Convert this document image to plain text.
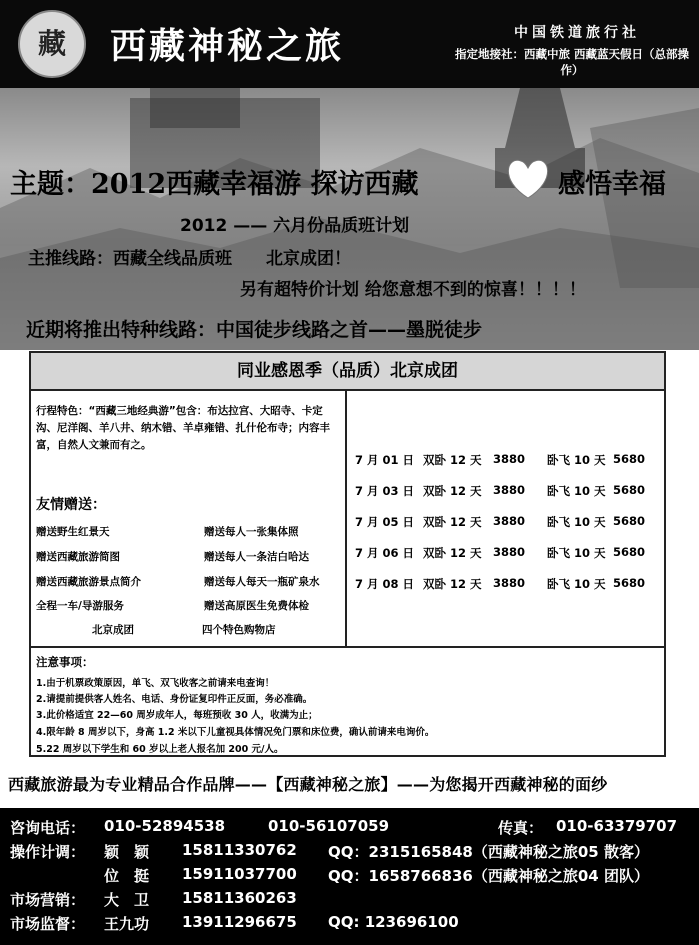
藏	西藏神秘之旅	中国铁道旅行社
指定地接社：西藏中旅 西藏蓝天假日（总部操作）
主题：2012西藏幸福游 探访西藏	感悟幸福
2012 —— 六月份品质班计划
主推线路：西藏全线品质班　　北京成团！
另有超特价计划 给您意想不到的惊喜！！！！
近期将推出特种线路：中国徒步线路之首——墨脱徒步
同业感恩季（品质）北京成团
行程特色：“西藏三地经典游”包含：布达拉宫、大昭寺、卡定沟、尼洋阁、羊八井、纳木错、羊卓雍错、扎什伦布寺；内容丰富，自然人文兼而有之。
友情赠送：
赠送野生红景天	赠送每人一张集体照
赠送西藏旅游简图	赠送每人一条洁白哈达
赠送西藏旅游景点简介	赠送每人每天一瓶矿泉水
全程一车/导游服务	赠送高原医生免费体检
北京成团	四个特色购物店
7 月 01 日 双卧 12 天 3880 卧飞 10 天 5680
7 月 03 日 双卧 12 天 3880 卧飞 10 天 5680
7 月 05 日 双卧 12 天 3880 卧飞 10 天 5680
7 月 06 日 双卧 12 天 3880 卧飞 10 天 5680
7 月 08 日 双卧 12 天 3880 卧飞 10 天 5680
注意事项：
1.由于机票政策原因，单飞、双飞收客之前请来电查询！
2.请提前提供客人姓名、电话、身份证复印件正反面，务必准确。
3.此价格适宜 22—60 周岁成年人，每班预收 30 人，收满为止；
4.限年龄 8 周岁以下，身高 1.2 米以下儿童视具体情况免门票和床位费，确认前请来电询价。
5.22 周岁以下学生和 60 岁以上老人报名加 200 元/人。
西藏旅游最为专业精品合作品牌——【西藏神秘之旅】——为您揭开西藏神秘的面纱
咨询电话： 010-52894538	010-56107059	传真： 010-63379707
操作计调： 颖　颖 15811330762 QQ：2315165848（西藏神秘之旅05 散客）
位　挺 15911037700 QQ：1658766836（西藏神秘之旅04 团队）
市场营销： 大　卫 15811360263
市场监督： 王九功 13911296675 QQ: 123696100
